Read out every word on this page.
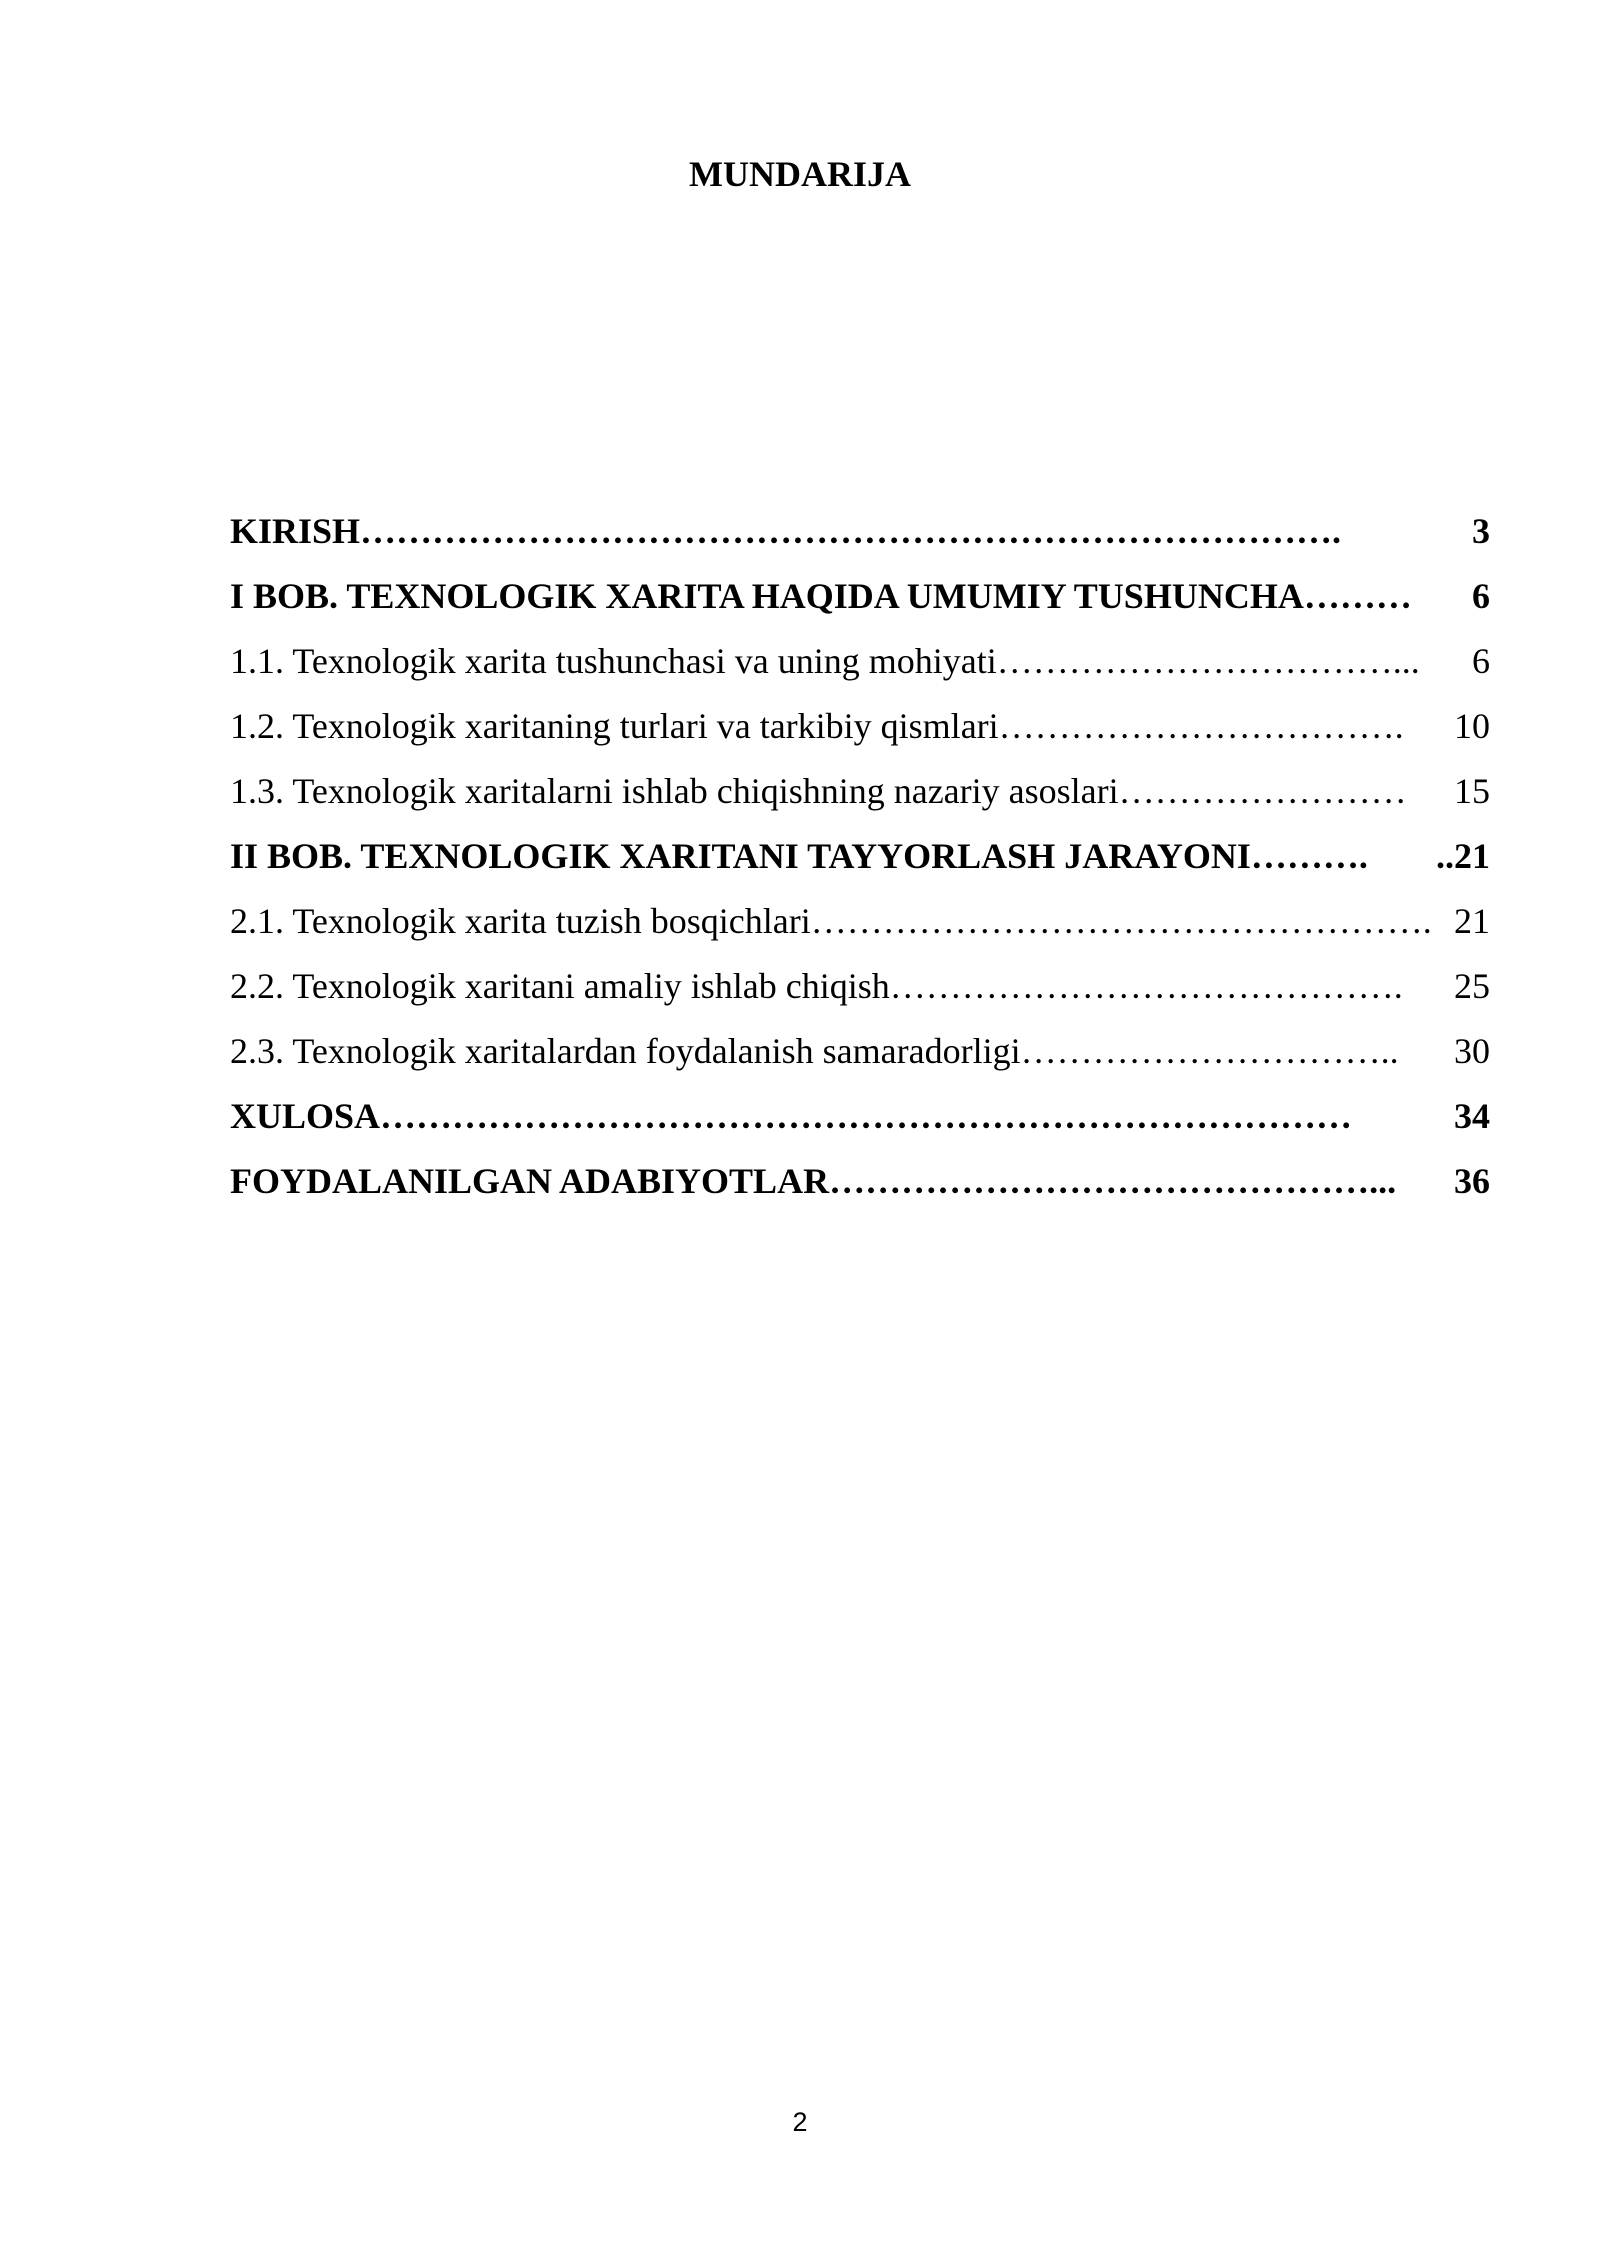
MUNDARIJA
KIRISH ……………………………………………………………………….	3
I BOB. TEXNOLOGIK XARITA HAQIDA UMUMIY TUSHUNCHA ………	6
1.1. Texnologik xarita tushunchasi va uning mohiyati ……………………………...	6
1.2. Texnologik xaritaning turlari va tarkibiy qismlari …………………………….	10
1.3. Texnologik xaritalarni ishlab chiqishning nazariy asoslari ……………………	15
II BOB. TEXNOLOGIK XARITANI TAYYORLASH JARAYONI ……….	..21
2.1. Texnologik xarita tuzish bosqichlari ……………………………………………. 21
2.2. Texnologik xaritani amaliy ishlab chiqish …………………………………….	25
2.3. Texnologik xaritalardan foydalanish samaradorligi …………………………..	30
XULOSA ………………………………………………………………………	34
FOYDALANILGAN ADABIYOTLAR ………………………………………...	36
2
